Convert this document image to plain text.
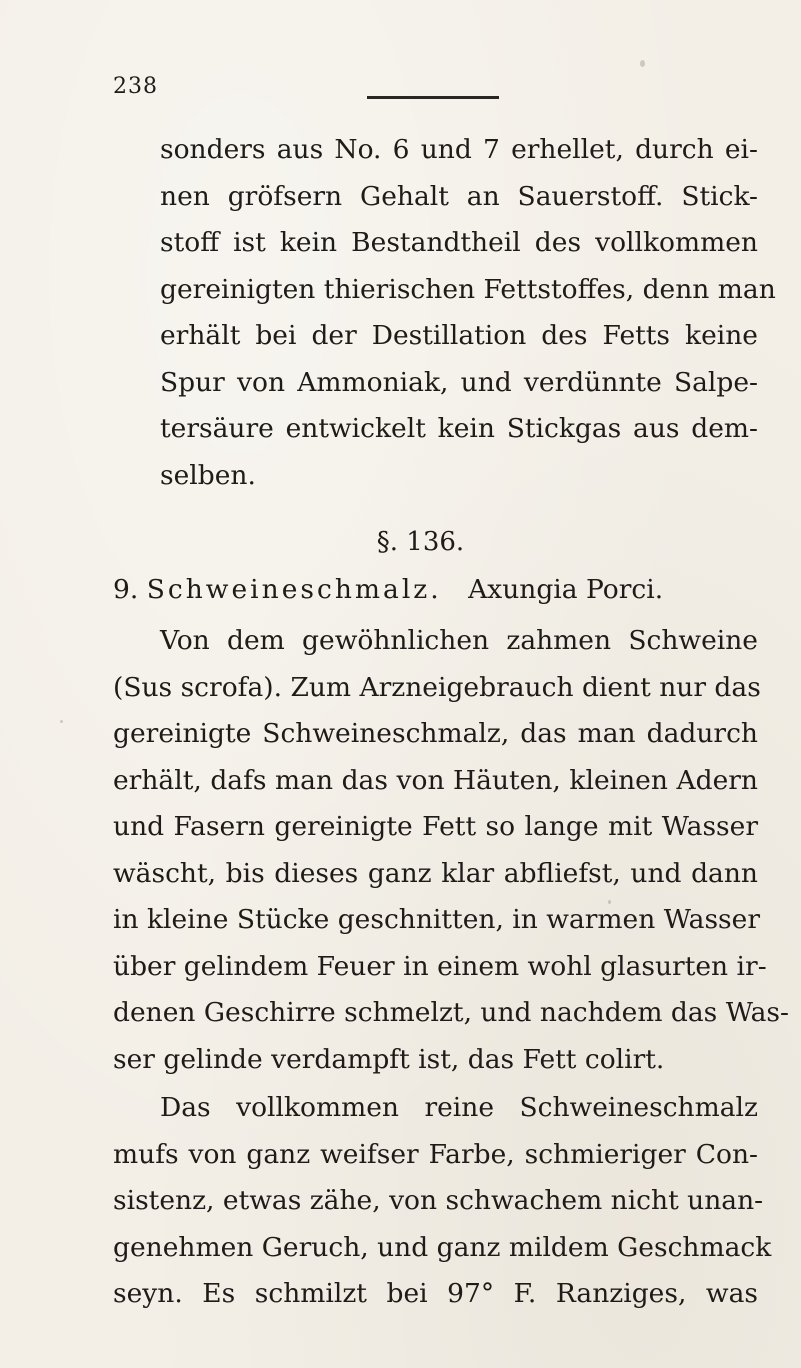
238
sonders aus No. 6 und 7 erhellet, durch ei-
nen gröfsern Gehalt an Sauerstoff. Stick-
stoff ist kein Bestandtheil des vollkommen
gereinigten thierischen Fettstoffes, denn man
erhält bei der Destillation des Fetts keine
Spur von Ammoniak, und verdünnte Salpe-
tersäure entwickelt kein Stickgas aus dem-
selben.
§. 136.
9. Schweineschmalz. Axungia Porci.
Von dem gewöhnlichen zahmen Schweine
(Sus scrofa). Zum Arzneigebrauch dient nur das
gereinigte Schweineschmalz, das man dadurch
erhält, dafs man das von Häuten, kleinen Adern
und Fasern gereinigte Fett so lange mit Wasser
wäscht, bis dieses ganz klar abfliefst, und dann
in kleine Stücke geschnitten, in warmen Wasser
über gelindem Feuer in einem wohl glasurten ir-
denen Geschirre schmelzt, und nachdem das Was-
ser gelinde verdampft ist, das Fett colirt.
Das vollkommen reine Schweineschmalz
mufs von ganz weifser Farbe, schmieriger Con-
sistenz, etwas zähe, von schwachem nicht unan-
genehmen Geruch, und ganz mildem Geschmack
seyn. Es schmilzt bei 97° F. Ranziges, was
